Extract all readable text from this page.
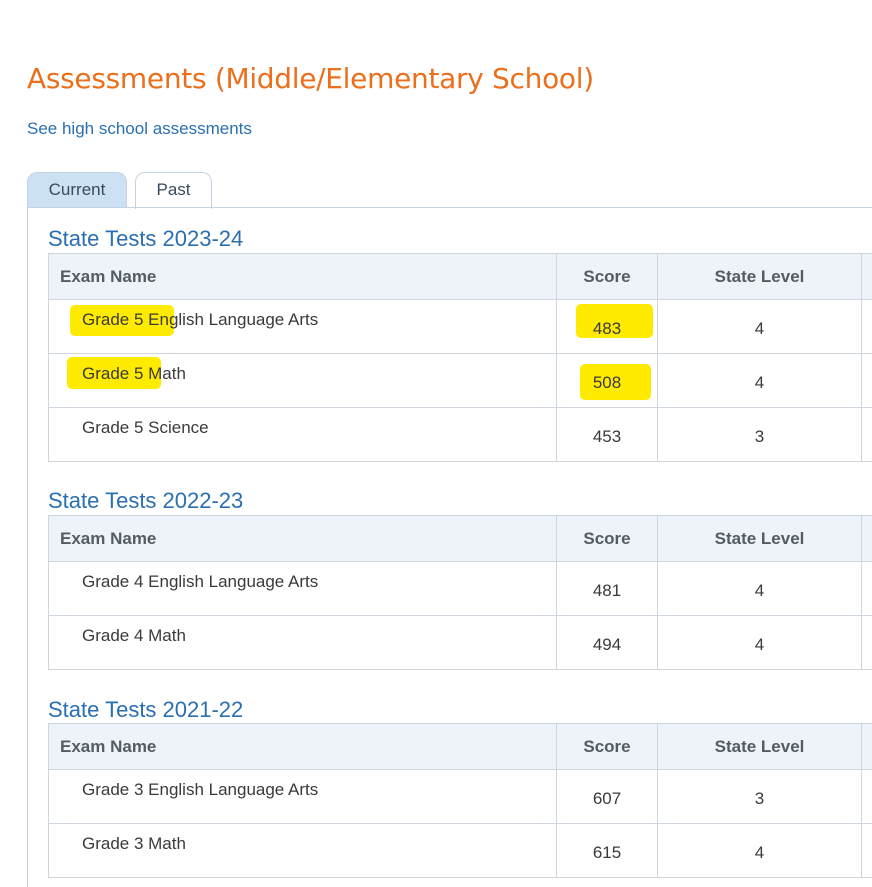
Assessments (Middle/Elementary School)
See high school assessments
Current	Past
State Tests 2023-24
Exam Name	Score	State Level	
Grade 5 English Language Arts	483	4	
Grade 5 Math	508	4	
Grade 5 Science	453	3	
State Tests 2022-23
Exam Name	Score	State Level	
Grade 4 English Language Arts	481	4	
Grade 4 Math	494	4	
State Tests 2021-22
Exam Name	Score	State Level	
Grade 3 English Language Arts	607	3	
Grade 3 Math	615	4	
